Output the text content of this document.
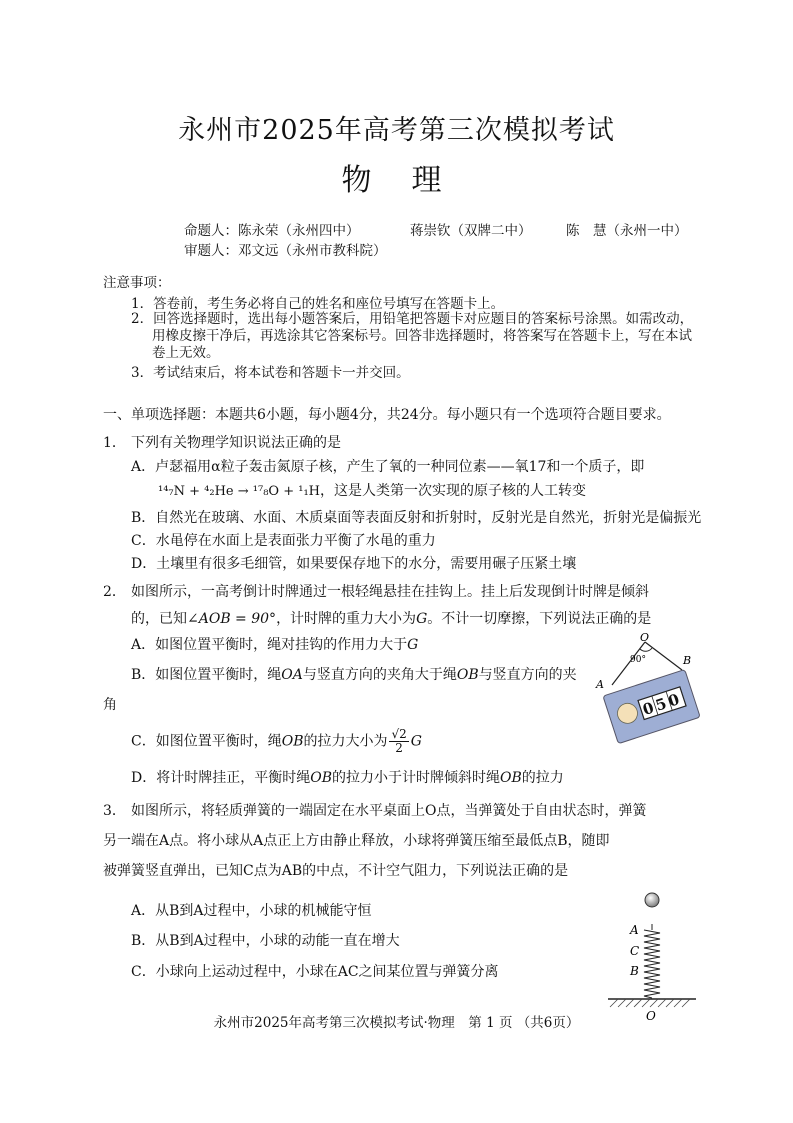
永州市2025年高考第三次模拟考试
物理
命题人：陈永荣（永州四中）	蒋崇钦（双牌二中）	陈　慧（永州一中）
审题人：邓文远（永州市教科院）
注意事项：
1．答卷前，考生务必将自己的姓名和座位号填写在答题卡上。
2．回答选择题时，选出每小题答案后，用铅笔把答题卡对应题目的答案标号涂黑。如需改动，用橡皮擦干净后，再选涂其它答案标号。回答非选择题时，将答案写在答题卡上，写在本试卷上无效。
3．考试结束后，将本试卷和答题卡一并交回。
一、单项选择题：本题共6小题，每小题4分，共24分。每小题只有一个选项符合题目要求。
1． 下列有关物理学知识说法正确的是
A．卢瑟福用α粒子轰击氮原子核，产生了氧的一种同位素——氧17和一个质子，即
¹⁴₇N + ⁴₂He → ¹⁷₈O + ¹₁H，这是人类第一次实现的原子核的人工转变
B．自然光在玻璃、水面、木质桌面等表面反射和折射时，反射光是自然光，折射光是偏振光
C．水黾停在水面上是表面张力平衡了水黾的重力
D．土壤里有很多毛细管，如果要保存地下的水分，需要用碾子压紧土壤
2． 如图所示，一高考倒计时牌通过一根轻绳悬挂在挂钩上。挂上后发现倒计时牌是倾斜
的，已知∠AOB = 90°，计时牌的重力大小为G。不计一切摩擦，下列说法正确的是
A．如图位置平衡时，绳对挂钩的作用力大于G
B．如图位置平衡时，绳OA与竖直方向的夹角大于绳OB与竖直方向的夹
角
C．如图位置平衡时，绳OB的拉力大小为 $\frac{√2}{2}$ G
D．将计时牌挂正，平衡时绳OB的拉力小于计时牌倾斜时绳OB的拉力
O
90°	B
A
050
3． 如图所示，将轻质弹簧的一端固定在水平桌面上O点，当弹簧处于自由状态时，弹簧
另一端在A点。将小球从A点正上方由静止释放，小球将弹簧压缩至最低点B，随即
被弹簧竖直弹出，已知C点为AB的中点，不计空气阻力，下列说法正确的是
A．从B到A过程中，小球的机械能守恒
B．从B到A过程中，小球的动能一直在增大
C．小球向上运动过程中，小球在AC之间某位置与弹簧分离
A
C
B
O
永州市2025年高考第三次模拟考试·物理　第 1 页 （共6页）
